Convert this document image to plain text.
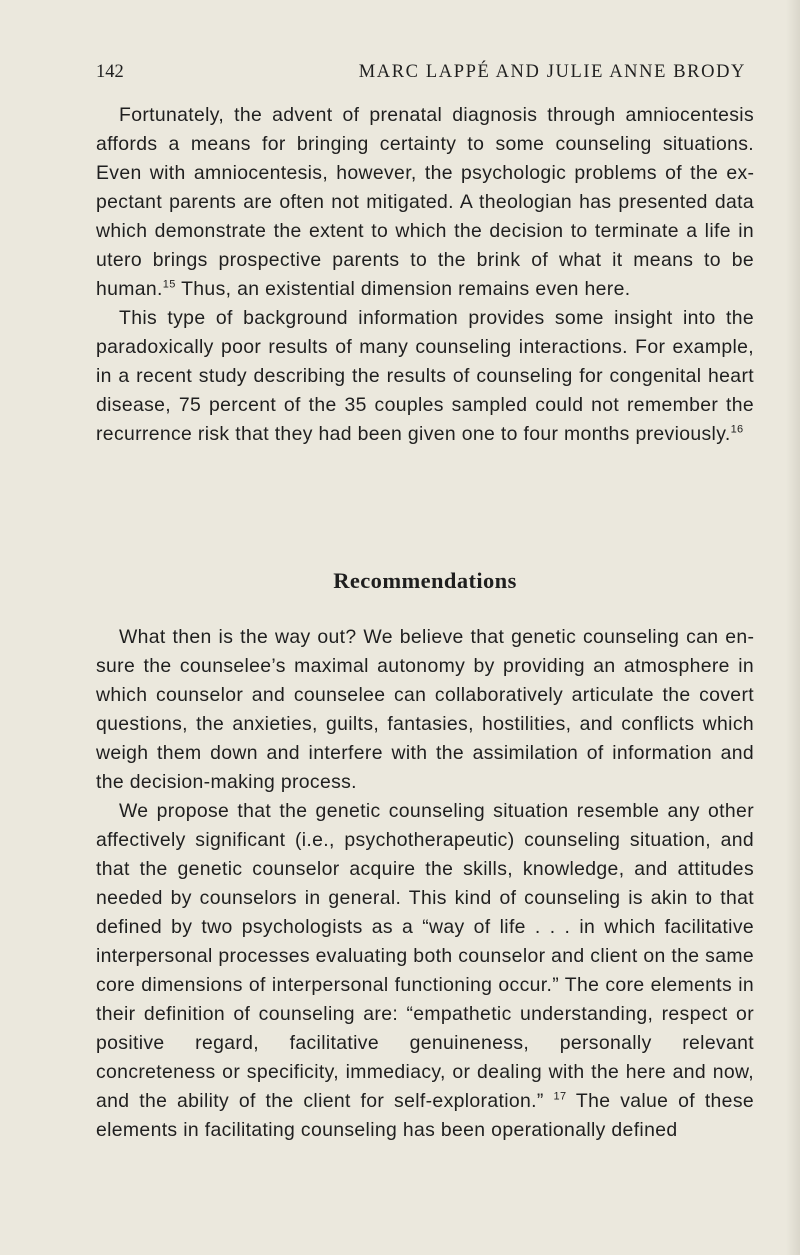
142	MARC LAPPÉ AND JULIE ANNE BRODY

Fortunately, the advent of prenatal diagnosis through amniocentesis affords a means for bringing certainty to some counseling situations. Even with amniocentesis, however, the psychologic problems of the expectant parents are often not mitigated. A theologian has presented data which demonstrate the extent to which the decision to terminate a life in utero brings prospective parents to the brink of what it means to be human.$^{15}$ Thus, an existential dimension remains even here.

This type of background information provides some insight into the paradoxically poor results of many counseling interactions. For example, in a recent study describing the results of counseling for congenital heart disease, 75 percent of the 35 couples sampled could not remember the recurrence risk that they had been given one to four months previously.$^{16}$

Recommendations

What then is the way out? We believe that genetic counseling can ensure the counselee’s maximal autonomy by providing an atmosphere in which counselor and counselee can collaboratively articulate the covert questions, the anxieties, guilts, fantasies, hostilities, and conflicts which weigh them down and interfere with the assimilation of information and the decision-making process.

We propose that the genetic counseling situation resemble any other affectively significant (i.e., psychotherapeutic) counseling situation, and that the genetic counselor acquire the skills, knowledge, and attitudes needed by counselors in general. This kind of counseling is akin to that defined by two psychologists as a “way of life . . . in which facilitative interpersonal processes evaluating both counselor and client on the same core dimensions of interpersonal functioning occur.” The core elements in their definition of counseling are: “empathetic understanding, respect or positive regard, facilitative genuineness, personally relevant concreteness or specificity, immediacy, or dealing with the here and now, and the ability of the client for self-exploration.” $^{17}$ The value of these elements in facilitating counseling has been operationally defined
